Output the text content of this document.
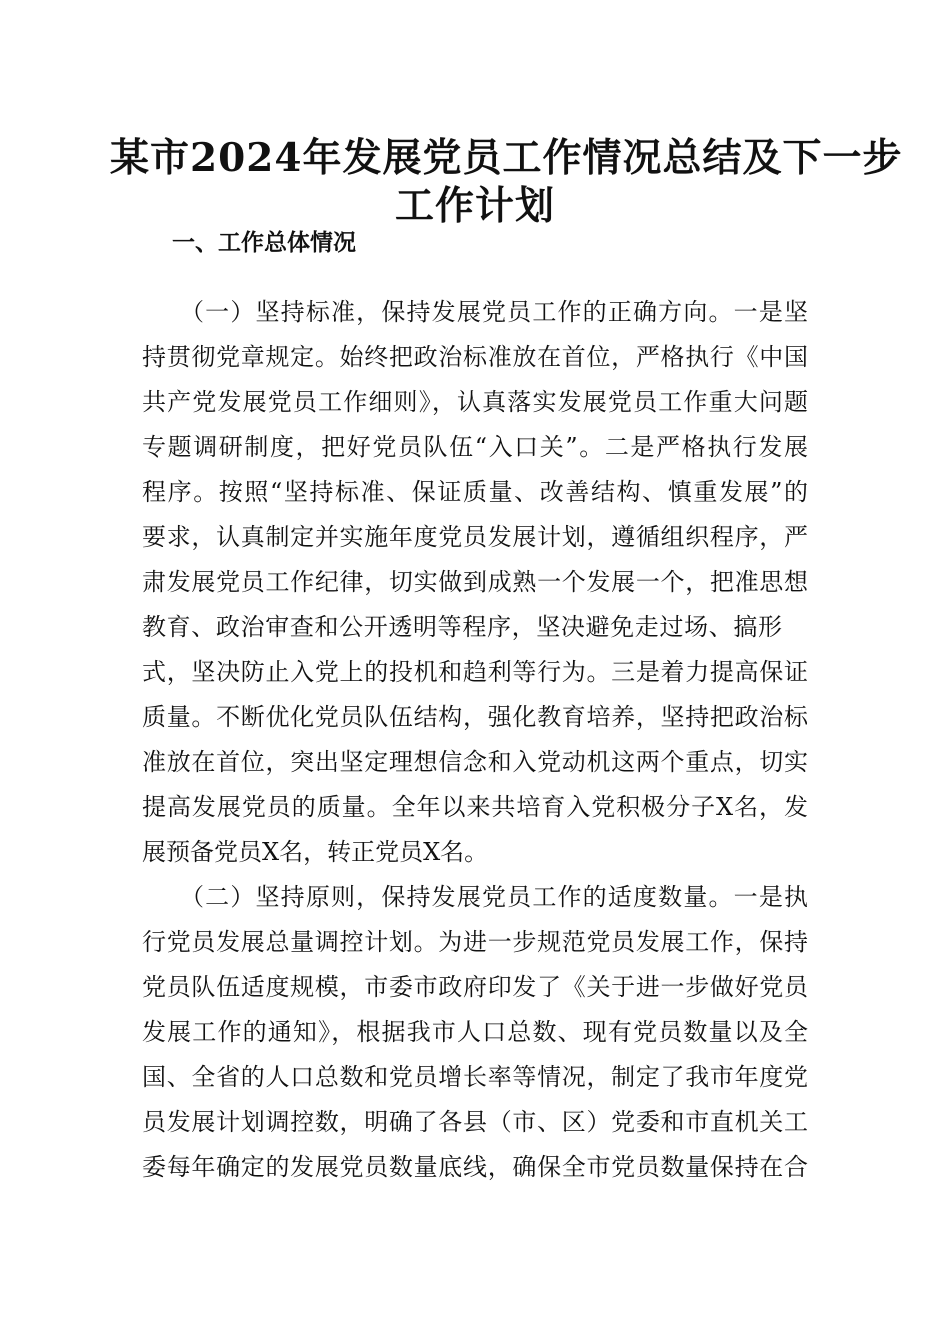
某市2024年发展党员工作情况总结及下一步
工作计划
一、工作总体情况
（一）坚持标准，保持发展党员工作的正确方向。一是坚
持贯彻党章规定。始终把政治标准放在首位，严格执行《中国
共产党发展党员工作细则》，认真落实发展党员工作重大问题
专题调研制度，把好党员队伍“入口关”。二是严格执行发展
程序。按照“坚持标准、保证质量、改善结构、慎重发展”的
要求，认真制定并实施年度党员发展计划，遵循组织程序，严
肃发展党员工作纪律，切实做到成熟一个发展一个，把准思想
教育、政治审查和公开透明等程序，坚决避免走过场、搞形
式，坚决防止入党上的投机和趋利等行为。三是着力提高保证
质量。不断优化党员队伍结构，强化教育培养，坚持把政治标
准放在首位，突出坚定理想信念和入党动机这两个重点，切实
提高发展党员的质量。全年以来共培育入党积极分子X名，发
展预备党员X名，转正党员X名。
（二）坚持原则，保持发展党员工作的适度数量。一是执
行党员发展总量调控计划。为进一步规范党员发展工作，保持
党员队伍适度规模，市委市政府印发了《关于进一步做好党员
发展工作的通知》，根据我市人口总数、现有党员数量以及全
国、全省的人口总数和党员增长率等情况，制定了我市年度党
员发展计划调控数，明确了各县（市、区）党委和市直机关工
委每年确定的发展党员数量底线，确保全市党员数量保持在合
